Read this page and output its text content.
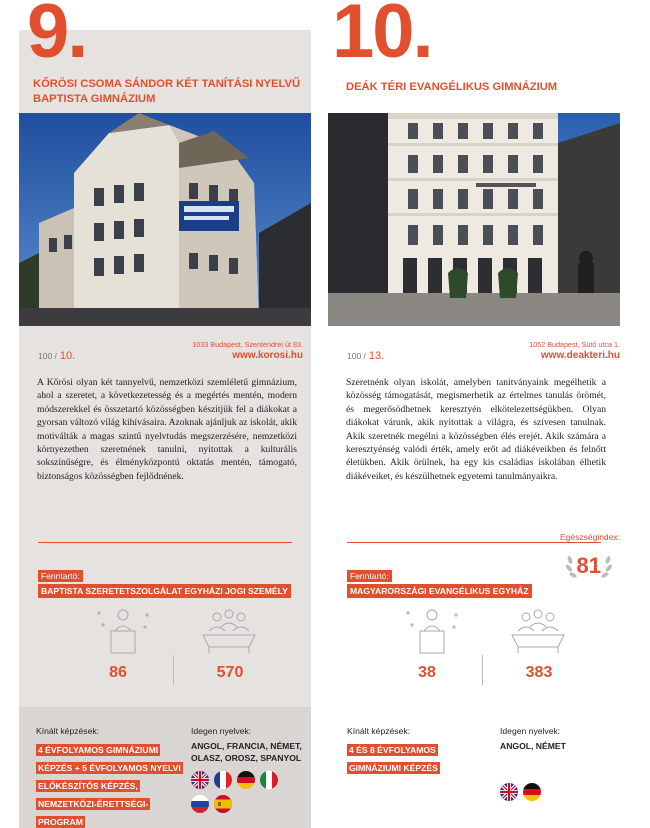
9.
KŐRÖSI CSOMA SÁNDOR KÉT TANÍTÁSI NYELVŰ BAPTISTA GIMNÁZIUM
100 / 10.
1033 Budapest, Szentendrei út 83.
www.korosi.hu
A Kőrösi olyan két tannyelvű, nemzetközi szemléletű gimnázium, ahol a szeretet, a következetesség és a megértés mentén, modern módszerekkel és összetartó közösségben készítjük fel a diákokat a gyorsan változó világ kihívásaira. Azoknak ajánljuk az iskolát, akik motiválták a magas szintű nyelvtudás megszerzésére, nemzetközi környezetben szeretnének tanulni, nyitottak a kulturális sokszínűségre, és élményközpontú oktatás mentén, támogató, biztonságos közösségben fejlődnének.
Fenntartó:
BAPTISTA SZERETETSZOLGÁLAT EGYHÁZI JOGI SZEMÉLY
86	570
Kínált képzések:
4 ÉVFOLYAMOS GIMNÁZIUMI KÉPZÉS + 5 ÉVFOLYAMOS NYELVI ELŐKÉSZÍTŐS KÉPZÉS, NEMZETKÖZI-ÉRETTSÉGI-PROGRAM
Idegen nyelvek:
ANGOL, FRANCIA, NÉMET, OLASZ, OROSZ, SPANYOL
10.
DEÁK TÉRI EVANGÉLIKUS GIMNÁZIUM
100 / 13.
1052 Budapest, Sütő utca 1.
www.deakteri.hu
Szeretnénk olyan iskolát, amelyben tanítványaink megélhetik a közösség támogatását, megismerhetik az értelmes tanulás örömét, és megerősödhetnek keresztyén elkötelezettségükben. Olyan diákokat várunk, akik nyitottak a világra, és szívesen tanulnak. Akik szeretnék megélni a közösségben élés erejét. Akik számára a keresztyénség valódi érték, amely erőt ad diákéveikben és felnőtt életükben. Akik örülnek, ha egy kis családias iskolában élhetik diákéveiket, és készülhetnek egyetemi tanulmányaikra.
Egészségindex:
81
Fenntartó:
MAGYARORSZÁGI EVANGÉLIKUS EGYHÁZ
38	383
Kínált képzések:
4 ÉS 8 ÉVFOLYAMOS GIMNÁZIUMI KÉPZÉS
Idegen nyelvek:
ANGOL, NÉMET
